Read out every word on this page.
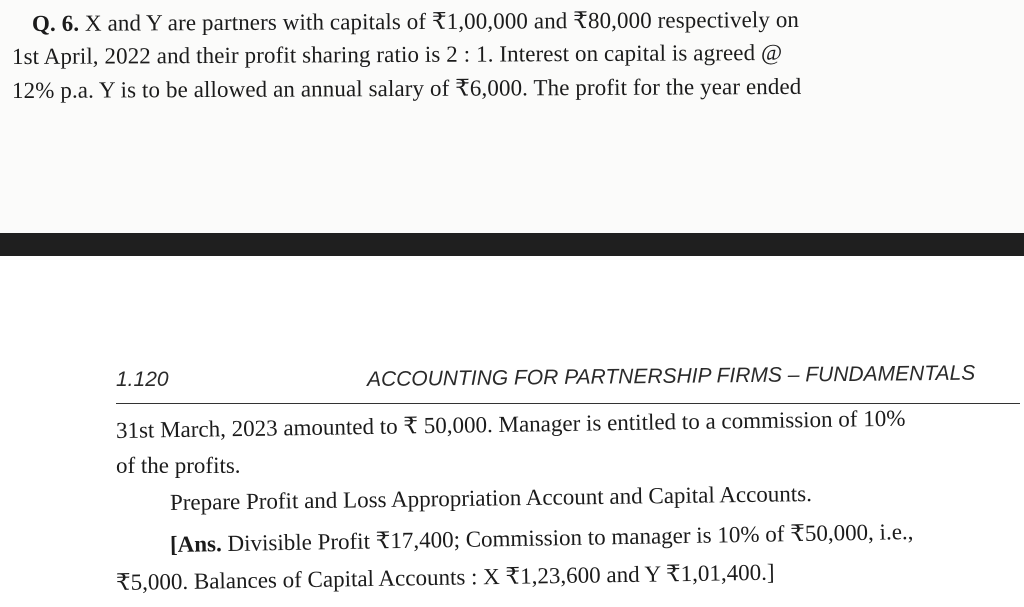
Q. 6. X and Y are partners with capitals of ₹1,00,000 and ₹80,000 respectively on
1st April, 2022 and their profit sharing ratio is 2 : 1. Interest on capital is agreed @
12% p.a. Y is to be allowed an annual salary of ₹6,000. The profit for the year ended
1.120	ACCOUNTING FOR PARTNERSHIP FIRMS – FUNDAMENTALS
31st March, 2023 amounted to ₹ 50,000. Manager is entitled to a commission of 10%
of the profits.
Prepare Profit and Loss Appropriation Account and Capital Accounts.
[Ans. Divisible Profit ₹17,400; Commission to manager is 10% of ₹50,000, i.e.,
₹5,000. Balances of Capital Accounts : X ₹1,23,600 and Y ₹1,01,400.]
